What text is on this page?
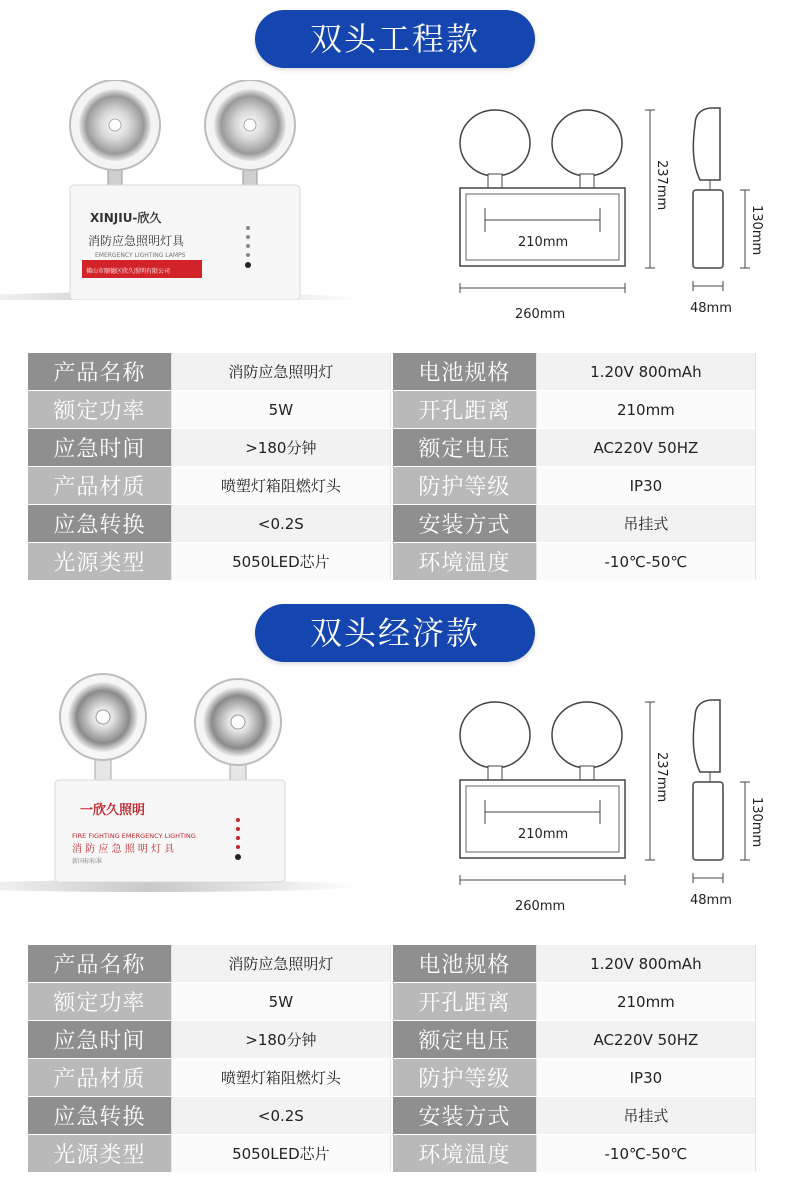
双头工程款
XINJIU-欣久
消防应急照明灯具
EMERGENCY LIGHTING LAMPS
佛山市顺德区欣久照明有限公司
210mm
237mm
260mm
130mm
48mm
产品名称	消防应急照明灯		电池规格	1.20V 800mAh
额定功率	5W		开孔距离	210mm
应急时间	>180分钟		额定电压	AC220V 50HZ
产品材质	喷塑灯箱阻燃灯头		防护等级	IP30
应急转换	<0.2S		安装方式	吊挂式
光源类型	5050LED芯片		环境温度	-10℃-50℃
双头经济款
一欣久照明
FIRE FIGHTING EMERGENCY LIGHTING
消 防 应 急 照 明 灯 具
新国标标准
210mm
237mm
260mm
130mm
48mm
产品名称	消防应急照明灯		电池规格	1.20V 800mAh
额定功率	5W		开孔距离	210mm
应急时间	>180分钟		额定电压	AC220V 50HZ
产品材质	喷塑灯箱阻燃灯头		防护等级	IP30
应急转换	<0.2S		安装方式	吊挂式
光源类型	5050LED芯片		环境温度	-10℃-50℃
